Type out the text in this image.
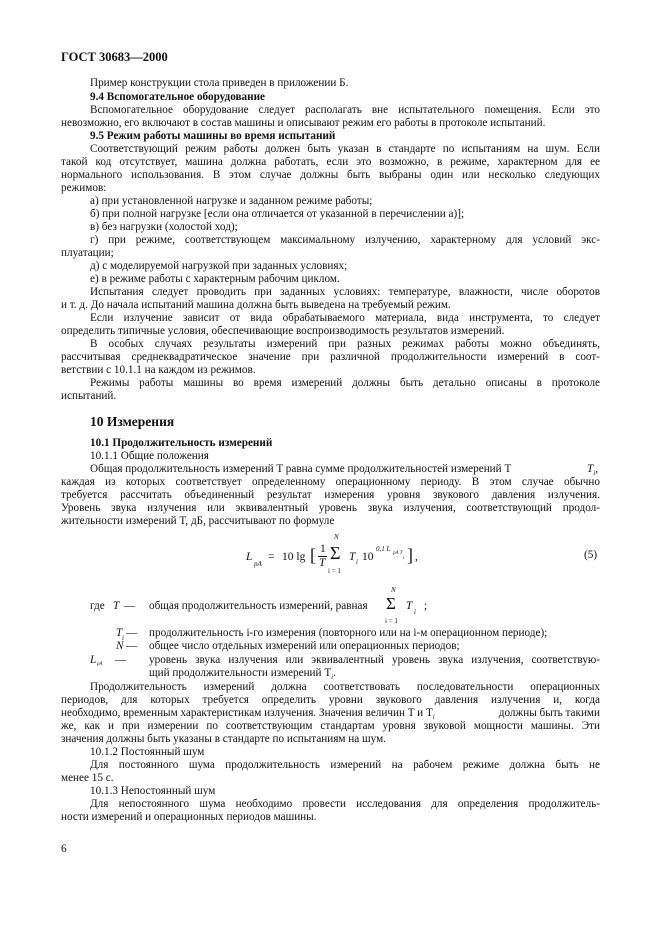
ГОСТ 30683—2000
Пример конструкции стола приведен в приложении Б.
9.4 Вспомогательное оборудование
Вспомогательное оборудование следует располагать вне испытательного помещения. Если это
невозможно, его включают в состав машины и описывают режим его работы в протоколе испытаний.
9.5 Режим работы машины во время испытаний
Соответствующий режим работы должен быть указан в стандарте по испытаниям на шум. Если
такой код отсутствует, машина должна работать, если это возможно, в режиме, характерном для ее
нормального использования. В этом случае должны быть выбраны один или несколько следующих
режимов:
а) при установленной нагрузке и заданном режиме работы;
б) при полной нагрузке [если она отличается от указанной в перечислении а)];
в) без нагрузки (холостой ход);
г) при режиме, соответствующем максимальному излучению, характерному для условий экс-
плуатации;
д) с моделируемой нагрузкой при заданных условиях;
е) в режиме работы с характерным рабочим циклом.
Испытания следует проводить при заданных условиях: температуре, влажности, числе оборотов
и т. д. До начала испытаний машина должна быть выведена на требуемый режим.
Если излучение зависит от вида обрабатываемого материала, вида инструмента, то следует
определить типичные условия, обеспечивающие воспроизводимость результатов измерений.
В особых случаях результаты измерений при разных режимах работы можно объединять,
рассчитывая среднеквадратическое значение при различной продолжительности измерений в соот-
ветствии с 10.1.1 на каждом из режимов.
Режимы работы машины во время измерений должны быть детально описаны в протоколе
испытаний.
10 Измерения
10.1 Продолжительность измерений
10.1.1 Общие положения
Общая продолжительность измерений T равна сумме продолжительностей измерений T	$T_i$,
каждая из которых соответствует определенному операционному периоду. В этом случае обычно
требуется рассчитать объединенный результат измерения уровня звукового давления излучения.
Уровень звука излучения или эквивалентный уровень звука излучения, соответствующий продол-
жительности измерений T, дБ, рассчитывают по формуле
L
pA
= 10 lg [ 1
T
N
Σ
i = 1
T i 10
0,1 L
pA T
i ] ,	(5)
где T — общая продолжительность измерений, равная
N
Σ
i = 1
T i ;
T i — продолжительность i-го измерения (повторного или на i-м операционном периоде);
N — общее число отдельных измерений или операционных периодов;
L pA — уровень звука излучения или эквивалентный уровень звука излучения, соответствую-
щий продолжительности измерений $T_i$.
Продолжительность измерений должна соответствовать последовательности операционных
периодов, для которых требуется определить уровни звукового давления излучения и, когда
необходимо, временным характеристикам излучения. Значения величин T и $T_i$	должны быть такими
же, как и при измерении по соответствующим стандартам уровня звуковой мощности машины. Эти
значения должны быть указаны в стандарте по испытаниям на шум.
10.1.2 Постоянный шум
Для постоянного шума продолжительность измерений на рабочем режиме должна быть не
менее 15 с.
10.1.3 Непостоянный шум
Для непостоянного шума необходимо провести исследования для определения продолжитель-
ности измерений и операционных периодов машины.
6
